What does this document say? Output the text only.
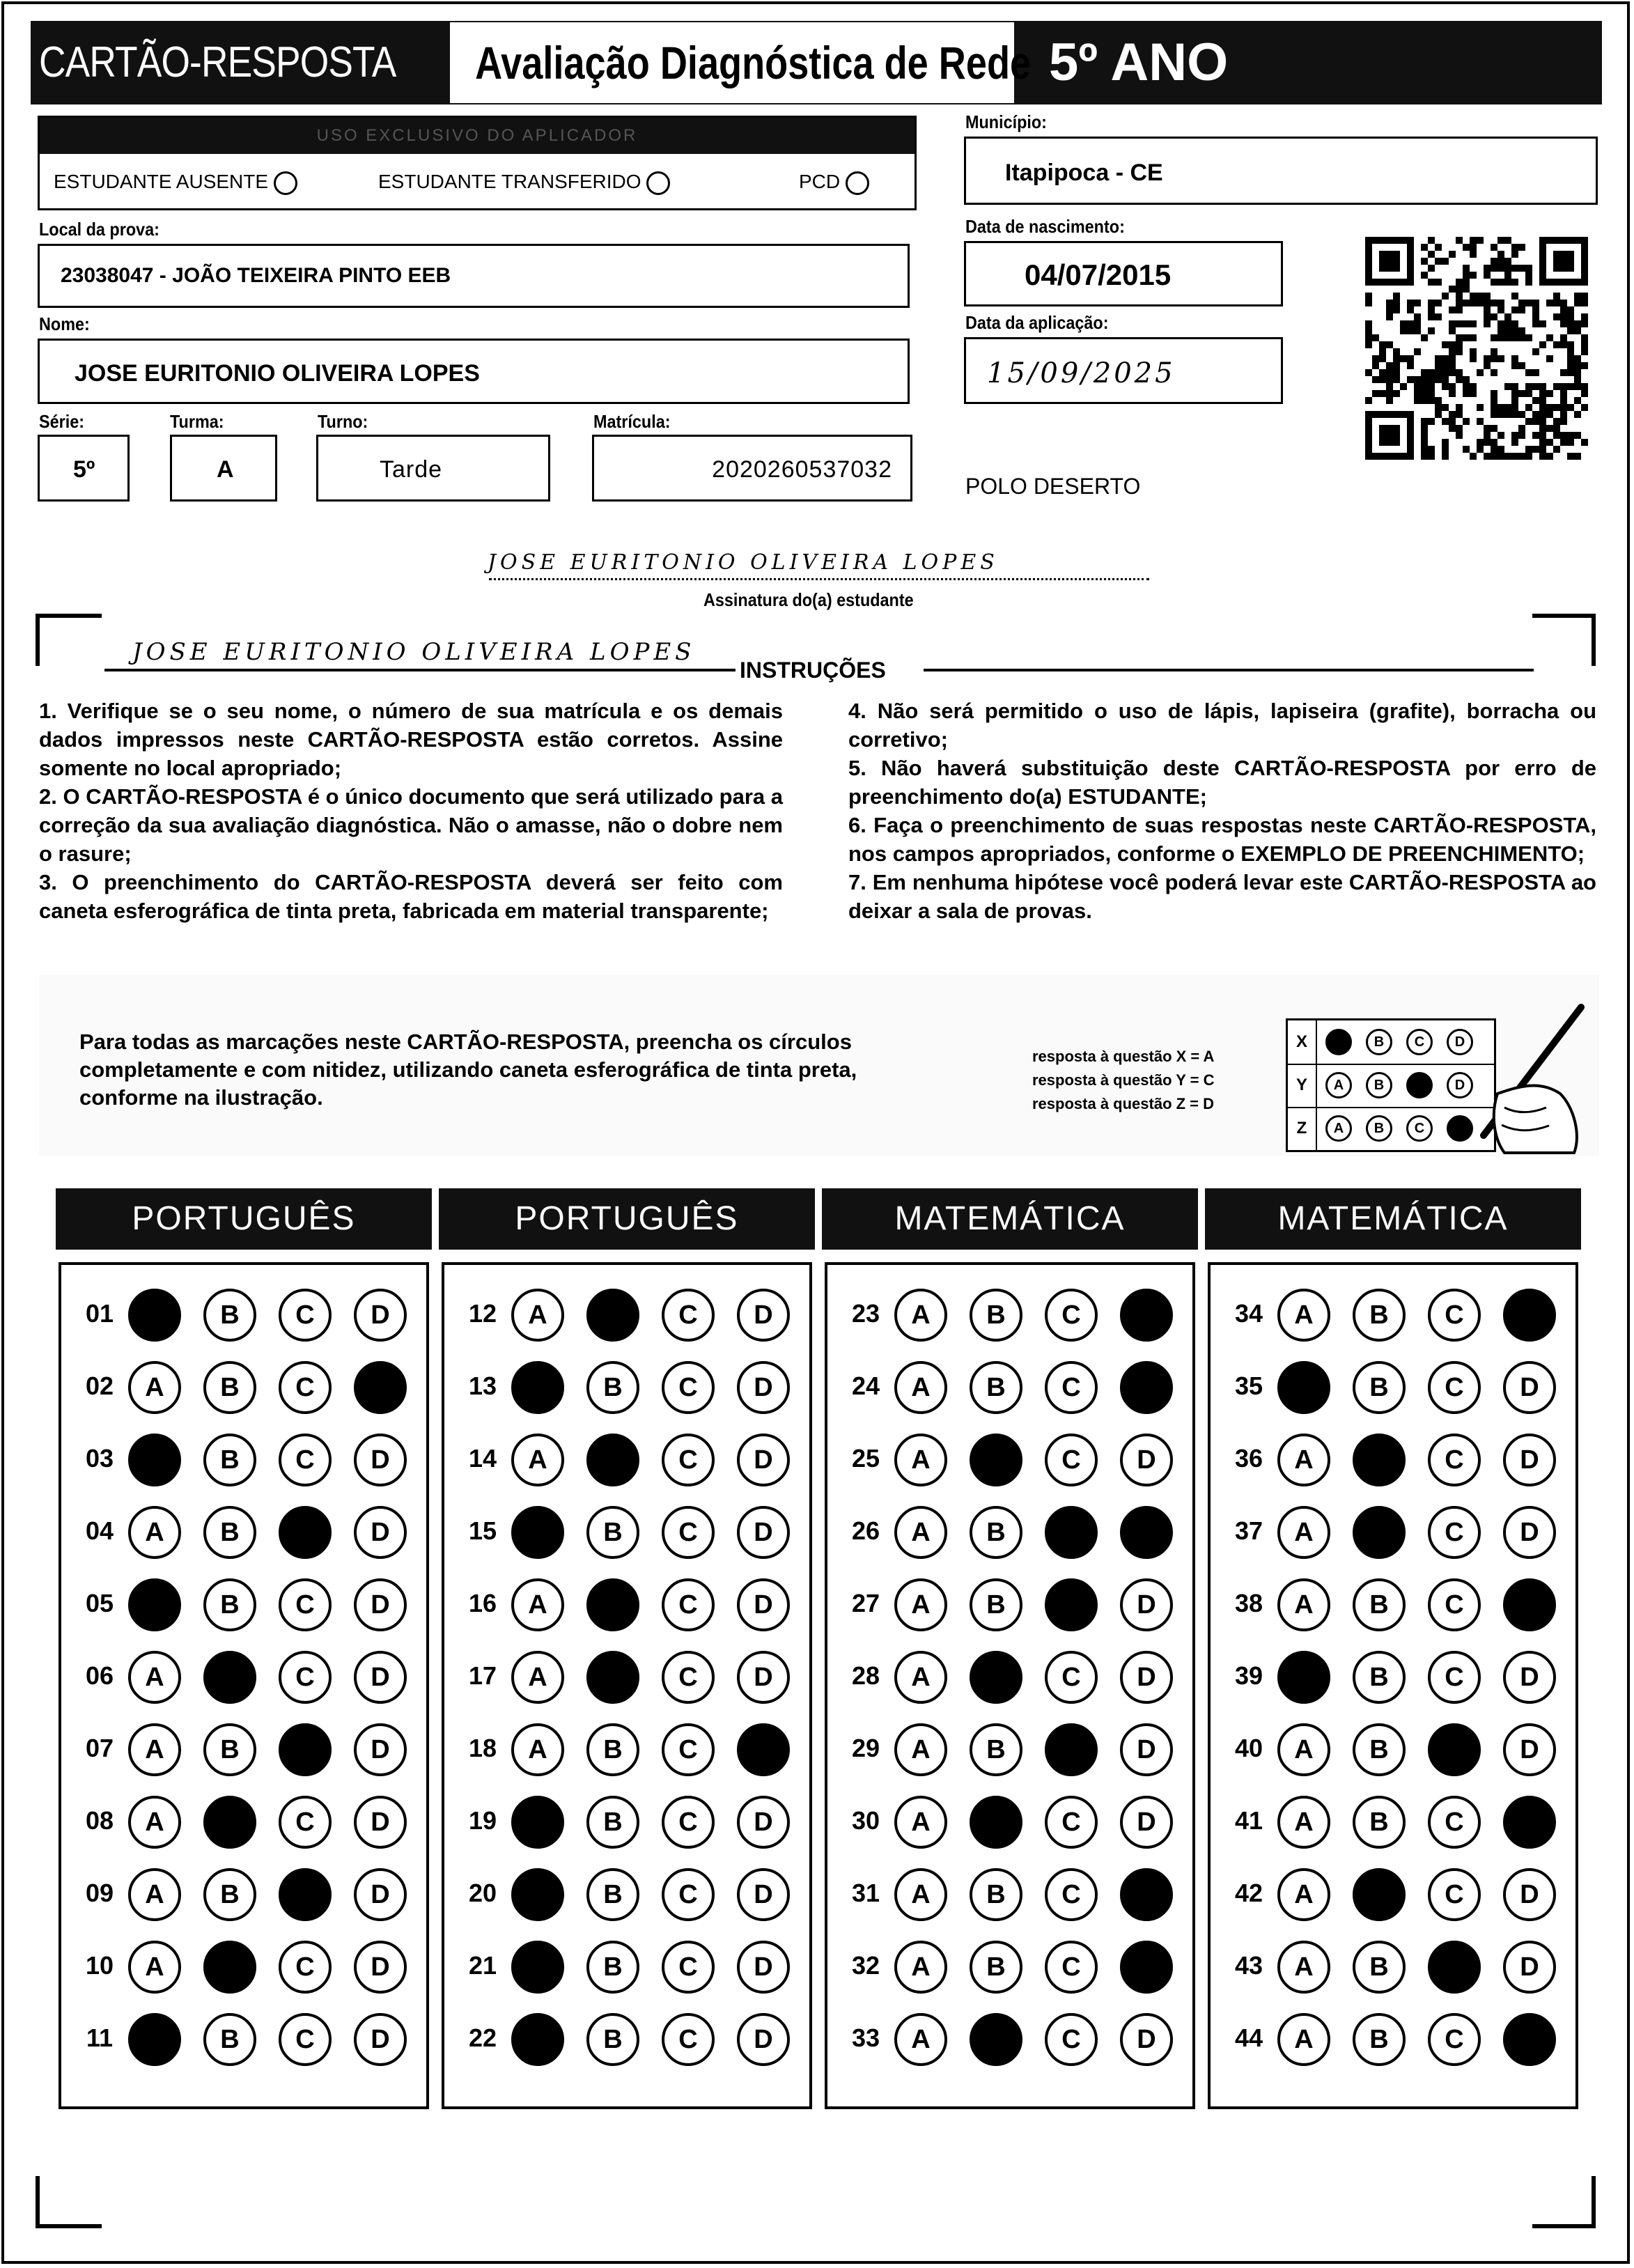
CARTÃO-RESPOSTA	Avaliação Diagnóstica de Rede 5º ANO
USO EXCLUSIVO DO APLICADOR
ESTUDANTE AUSENTE	ESTUDANTE TRANSFERIDO	PCD
Local da prova:
23038047 - JOÃO TEIXEIRA PINTO EEB
Nome:
JOSE EURITONIO OLIVEIRA LOPES
Série:	Turma:	Turno:	Matrícula:
5º	A	Tarde	2020260537032
Município:
Itapipoca - CE
Data de nascimento:
04/07/2015
Data da aplicação:
15/09/2025
POLO DESERTO
JOSE EURITONIO OLIVEIRA LOPES
Assinatura do(a) estudante
JOSE EURITONIO OLIVEIRA LOPES
INSTRUÇÕES

1. Verifique se o seu nome, o número de sua matrícula e os demais dados impressos neste CARTÃO-RESPOSTA estão corretos. Assine somente no local apropriado;

2. O CARTÃO-RESPOSTA é o único documento que será utilizado para a correção da sua avaliação diagnóstica. Não o amasse, não o dobre nem o rasure;

3. O preenchimento do CARTÃO-RESPOSTA deverá ser feito com caneta esferográfica de tinta preta, fabricada em material transparente;

4. Não será permitido o uso de lápis, lapiseira (grafite), borracha ou corretivo;

5. Não haverá substituição deste CARTÃO-RESPOSTA por erro de preenchimento do(a) ESTUDANTE;

6. Faça o preenchimento de suas respostas neste CARTÃO-RESPOSTA, nos campos apropriados, conforme o EXEMPLO DE PREENCHIMENTO;

7. Em nenhuma hipótese você poderá levar este CARTÃO-RESPOSTA ao deixar a sala de provas.

Para todas as marcações neste CARTÃO-RESPOSTA, preencha os círculos completamente e com nitidez, utilizando caneta esferográfica de tinta preta, conforme na ilustração.
resposta à questão X = A
resposta à questão Y = C
resposta à questão Z = D
X	A	B	C	D
Y	A	B	C	D
Z	A	B	C	D
PORTUGUÊS
01	A	B	C	D
02	A	B	C	D
03	A	B	C	D
04	A	B	C	D
05	A	B	C	D
06	A	B	C	D
07	A	B	C	D
08	A	B	C	D
09	A	B	C	D
10	A	B	C	D
11	A	B	C	D
PORTUGUÊS
12	A	B	C	D
13	A	B	C	D
14	A	B	C	D
15	A	B	C	D
16	A	B	C	D
17	A	B	C	D
18	A	B	C	D
19	A	B	C	D
20	A	B	C	D
21	A	B	C	D
22	A	B	C	D
MATEMÁTICA
23	A	B	C	D
24	A	B	C	D
25	A	B	C	D
26	A	B	C	D
27	A	B	C	D
28	A	B	C	D
29	A	B	C	D
30	A	B	C	D
31	A	B	C	D
32	A	B	C	D
33	A	B	C	D
MATEMÁTICA
34	A	B	C	D
35	A	B	C	D
36	A	B	C	D
37	A	B	C	D
38	A	B	C	D
39	A	B	C	D
40	A	B	C	D
41	A	B	C	D
42	A	B	C	D
43	A	B	C	D
44	A	B	C	D
